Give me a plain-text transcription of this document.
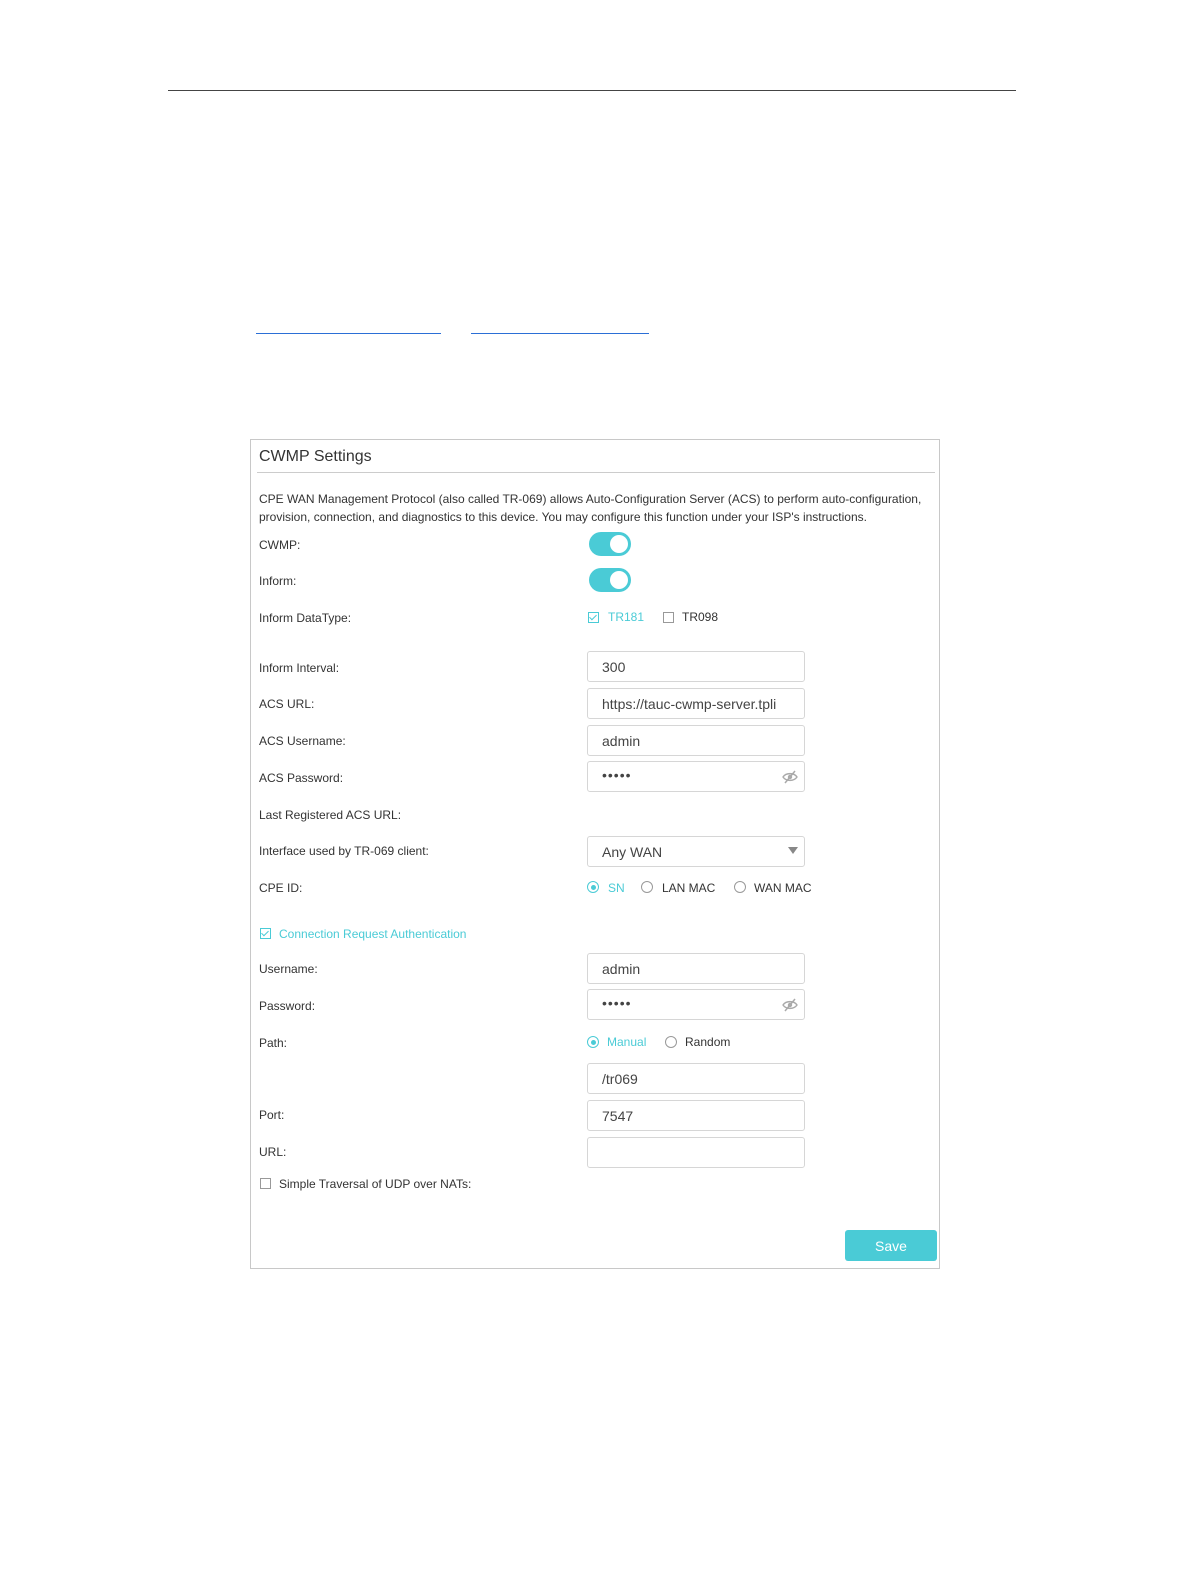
CWMP Settings
CPE WAN Management Protocol (also called TR-069) allows Auto-Configuration Server (ACS) to perform auto-configuration, provision, connection, and diagnostics to this device. You may configure this function under your ISP's instructions.
CWMP:
Inform:
Inform DataType:	TR181	TR098
Inform Interval:	300
ACS URL:	https://tauc-cwmp-server.tpli
ACS Username:	admin
ACS Password:	•••••
Last Registered ACS URL:
Interface used by TR-069 client:	Any WAN
CPE ID:	SN	LAN MAC	WAN MAC
Connection Request Authentication
Username:	admin
Password:	•••••
Path:	Manual	Random
/tr069
Port:	7547
URL:
Simple Traversal of UDP over NATs:
Save
